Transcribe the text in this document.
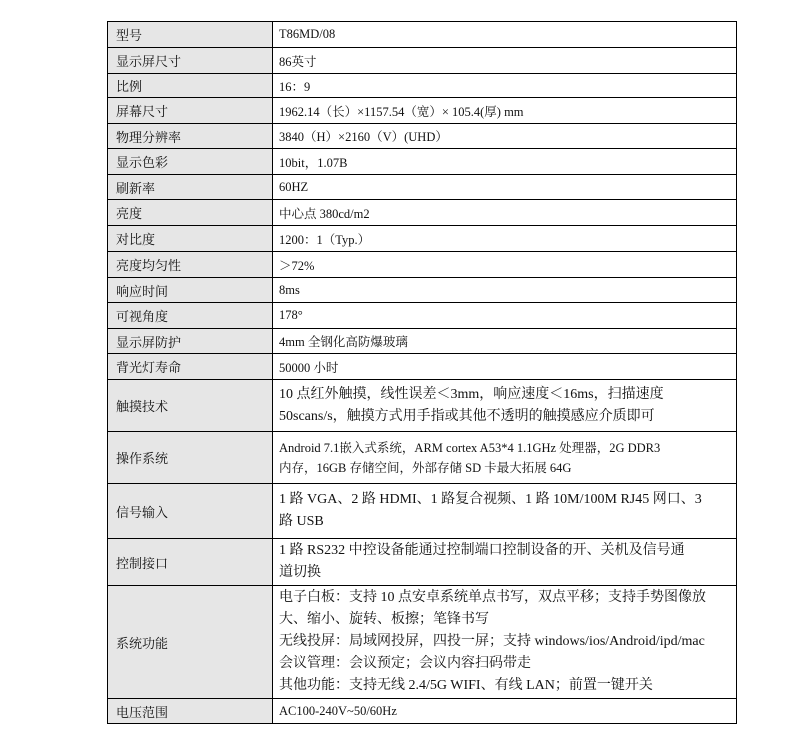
型号	T86MD/08

显示屏尺寸	86英寸

比例	16：9

屏幕尺寸	1962.14（长）×1157.54（宽）× 105.4(厚) mm

物理分辨率	3840（H）×2160（V）(UHD）

显示色彩	10bit，1.07B

刷新率	60HZ

亮度	中心点 380cd/m2

对比度	1200：1（Typ.）

亮度均匀性	＞72%

响应时间	8ms

可视角度	178°

显示屏防护	4mm 全钢化高防爆玻璃

背光灯寿命	50000 小时

触摸技术	10 点红外触摸，线性误差＜3mm，响应速度＜16ms，扫描速度
50scans/s，触摸方式用手指或其他不透明的触摸感应介质即可

操作系统	Android 7.1嵌入式系统，ARM cortex A53*4 1.1GHz 处理器，2G DDR3
内存，16GB 存储空间，外部存储 SD 卡最大拓展 64G

信号输入	1 路 VGA、2 路 HDMI、1 路复合视频、1 路 10M/100M RJ45 网口、3
路 USB

控制接口	1 路 RS232 中控设备能通过控制端口控制设备的开、关机及信号通
道切换

系统功能	电子白板：支持 10 点安卓系统单点书写，双点平移；支持手势图像放
大、缩小、旋转、板擦；笔锋书写
无线投屏：局域网投屏，四投一屏；支持 windows/ios/Android/ipd/mac
会议管理：会议预定；会议内容扫码带走
其他功能：支持无线 2.4/5G WIFI、有线 LAN；前置一键开关

电压范围	AC100-240V~50/60Hz
